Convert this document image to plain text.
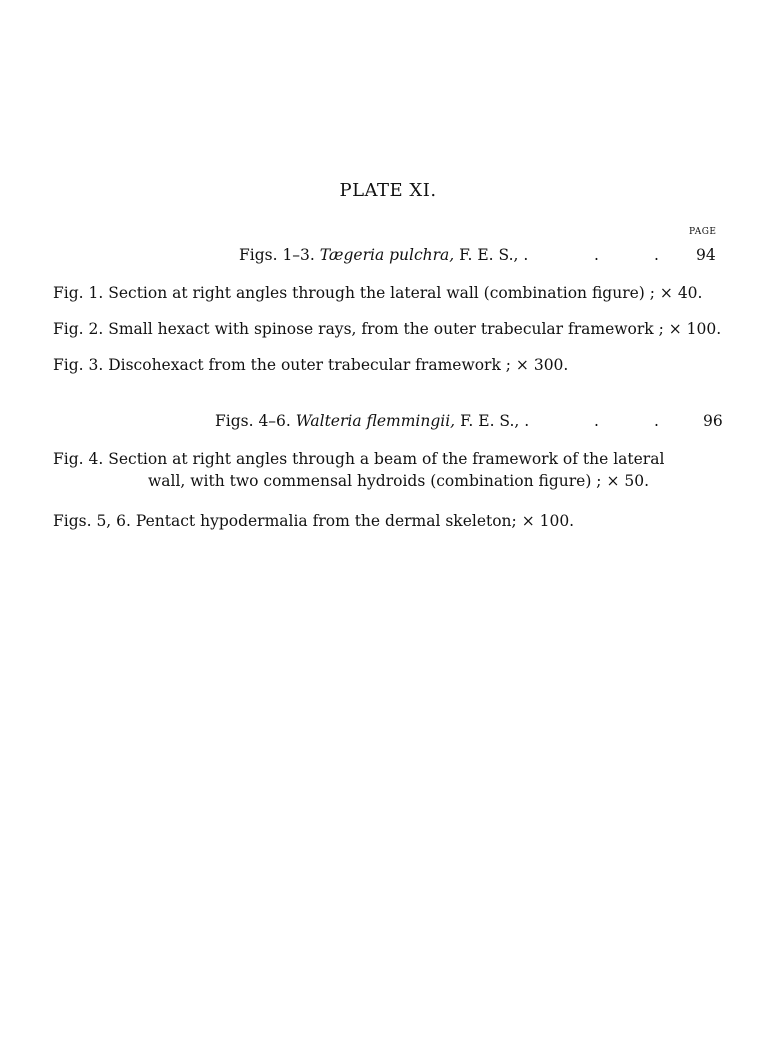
PLATE XI.
PAGE
Figs. 1–3. Tægeria pulchra, F. E. S., .	.	. 94
Fig. 1. Section at right angles through the lateral wall (combination figure) ; × 40.
Fig. 2. Small hexact with spinose rays, from the outer trabecular framework ; × 100.
Fig. 3. Discohexact from the outer trabecular framework ; × 300.
Figs. 4–6. Walteria flemmingii, F. E. S., .	.	.	96
Fig. 4. Section at right angles through a beam of the framework of the lateral
wall, with two commensal hydroids (combination figure) ; × 50.
Figs. 5, 6. Pentact hypodermalia from the dermal skeleton; × 100.
